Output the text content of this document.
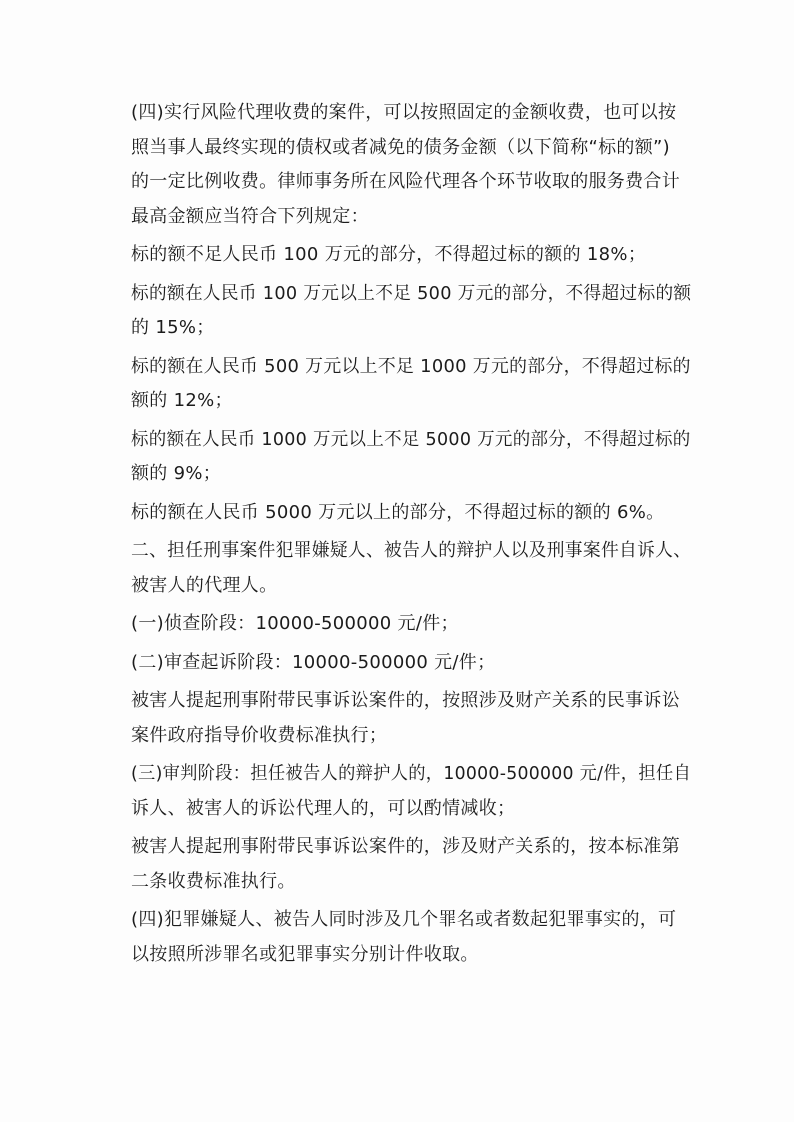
(四)实行风险代理收费的案件，可以按照固定的金额收费，也可以按
照当事人最终实现的债权或者减免的债务金额（以下简称“标的额”)
的一定比例收费。律师事务所在风险代理各个环节收取的服务费合计
最高金额应当符合下列规定：
标的额不足人民币 100 万元的部分，不得超过标的额的 18%；
标的额在人民币 100 万元以上不足 500 万元的部分，不得超过标的额
的 15%；
标的额在人民币 500 万元以上不足 1000 万元的部分，不得超过标的
额的 12%；
标的额在人民币 1000 万元以上不足 5000 万元的部分，不得超过标的
额的 9%；
标的额在人民币 5000 万元以上的部分，不得超过标的额的 6%。
二、担任刑事案件犯罪嫌疑人、被告人的辩护人以及刑事案件自诉人、
被害人的代理人。
(一)侦查阶段：10000-500000 元/件；
(二)审查起诉阶段：10000-500000 元/件；
被害人提起刑事附带民事诉讼案件的，按照涉及财产关系的民事诉讼
案件政府指导价收费标准执行；
(三)审判阶段：担任被告人的辩护人的，10000-500000 元/件，担任自
诉人、被害人的诉讼代理人的，可以酌情减收；
被害人提起刑事附带民事诉讼案件的，涉及财产关系的，按本标准第
二条收费标准执行。
(四)犯罪嫌疑人、被告人同时涉及几个罪名或者数起犯罪事实的，可
以按照所涉罪名或犯罪事实分别计件收取。
